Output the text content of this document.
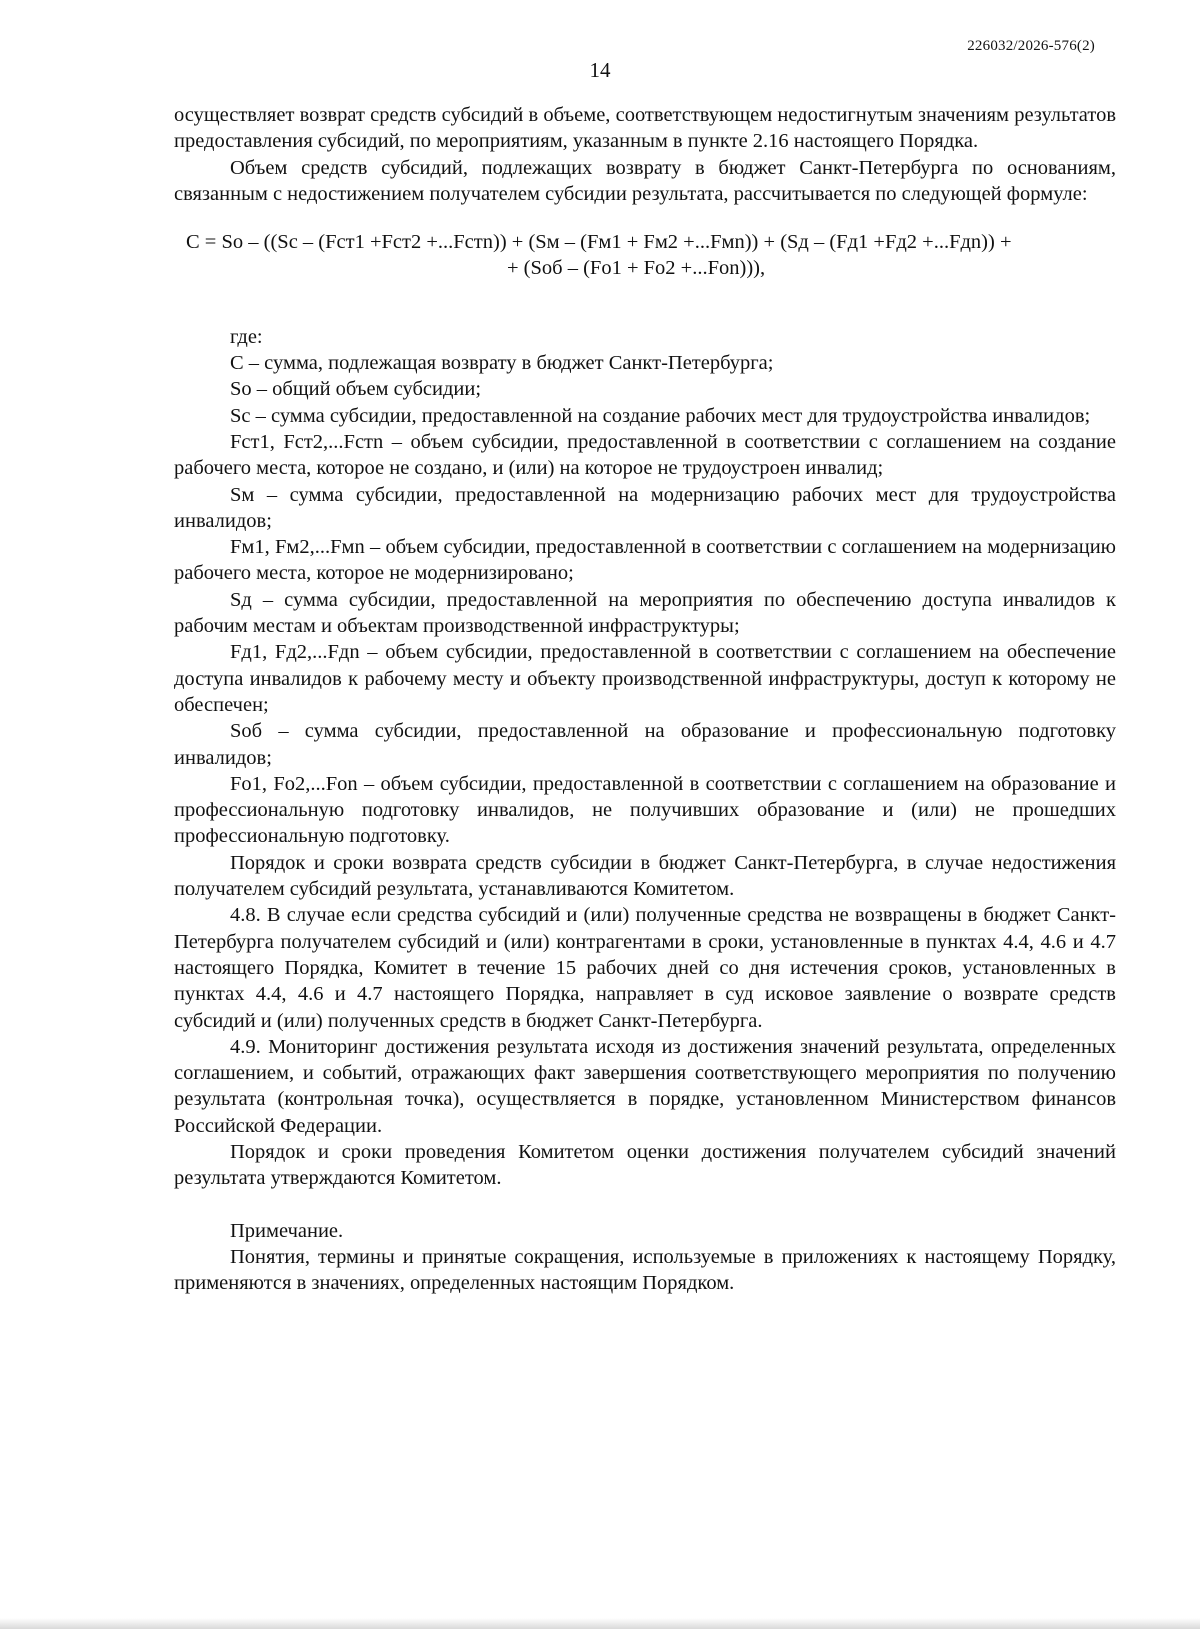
226032/2026-576(2)
14

осуществляет возврат средств субсидий в объеме, соответствующем недостигнутым значениям результатов предоставления субсидий, по мероприятиям, указанным в пункте 2.16 настоящего Порядка.

Объем средств субсидий, подлежащих возврату в бюджет Санкт-Петербурга по основаниям, связанным с недостижением получателем субсидии результата, рассчитывается по следующей формуле:

C = So – ((Sc – (Fcт1 +Fcт2 +...Fcтn)) + (Sм – (Fм1 + Fм2 +...Fмn)) + (Sд – (Fд1 +Fд2 +...Fдn)) +
+ (Sоб – (Fо1 + Fо2 +...Fоn))),

где:

С – сумма, подлежащая возврату в бюджет Санкт-Петербурга;

So – общий объем субсидии;

Sc – сумма субсидии, предоставленной на создание рабочих мест для трудоустройства инвалидов;

Fст1, Fст2,...Fстn – объем субсидии, предоставленной в соответствии с соглашением на создание рабочего места, которое не создано, и (или) на которое не трудоустроен инвалид;

Sм – сумма субсидии, предоставленной на модернизацию рабочих мест для трудоустройства инвалидов;

Fм1, Fм2,...Fмn – объем субсидии, предоставленной в соответствии с соглашением на модернизацию рабочего места, которое не модернизировано;

Sд – сумма субсидии, предоставленной на мероприятия по обеспечению доступа инвалидов к рабочим местам и объектам производственной инфраструктуры;

Fд1, Fд2,...Fдn – объем субсидии, предоставленной в соответствии с соглашением на обеспечение доступа инвалидов к рабочему месту и объекту производственной инфраструктуры, доступ к которому не обеспечен;

Sоб – сумма субсидии, предоставленной на образование и профессиональную подготовку инвалидов;

Fо1, Fо2,...Fоn – объем субсидии, предоставленной в соответствии с соглашением на образование и профессиональную подготовку инвалидов, не получивших образование и (или) не прошедших профессиональную подготовку.

Порядок и сроки возврата средств субсидии в бюджет Санкт-Петербурга, в случае недостижения получателем субсидий результата, устанавливаются Комитетом.

4.8. В случае если средства субсидий и (или) полученные средства не возвращены в бюджет Санкт-Петербурга получателем субсидий и (или) контрагентами в сроки, установленные в пунктах 4.4, 4.6 и 4.7 настоящего Порядка, Комитет в течение 15 рабочих дней со дня истечения сроков, установленных в пунктах 4.4, 4.6 и 4.7 настоящего Порядка, направляет в суд исковое заявление о возврате средств субсидий и (или) полученных средств в бюджет Санкт-Петербурга.

4.9. Мониторинг достижения результата исходя из достижения значений результата, определенных соглашением, и событий, отражающих факт завершения соответствующего мероприятия по получению результата (контрольная точка), осуществляется в порядке, установленном Министерством финансов Российской Федерации.

Порядок и сроки проведения Комитетом оценки достижения получателем субсидий значений результата утверждаются Комитетом.

Примечание.

Понятия, термины и принятые сокращения, используемые в приложениях к настоящему Порядку, применяются в значениях, определенных настоящим Порядком.
